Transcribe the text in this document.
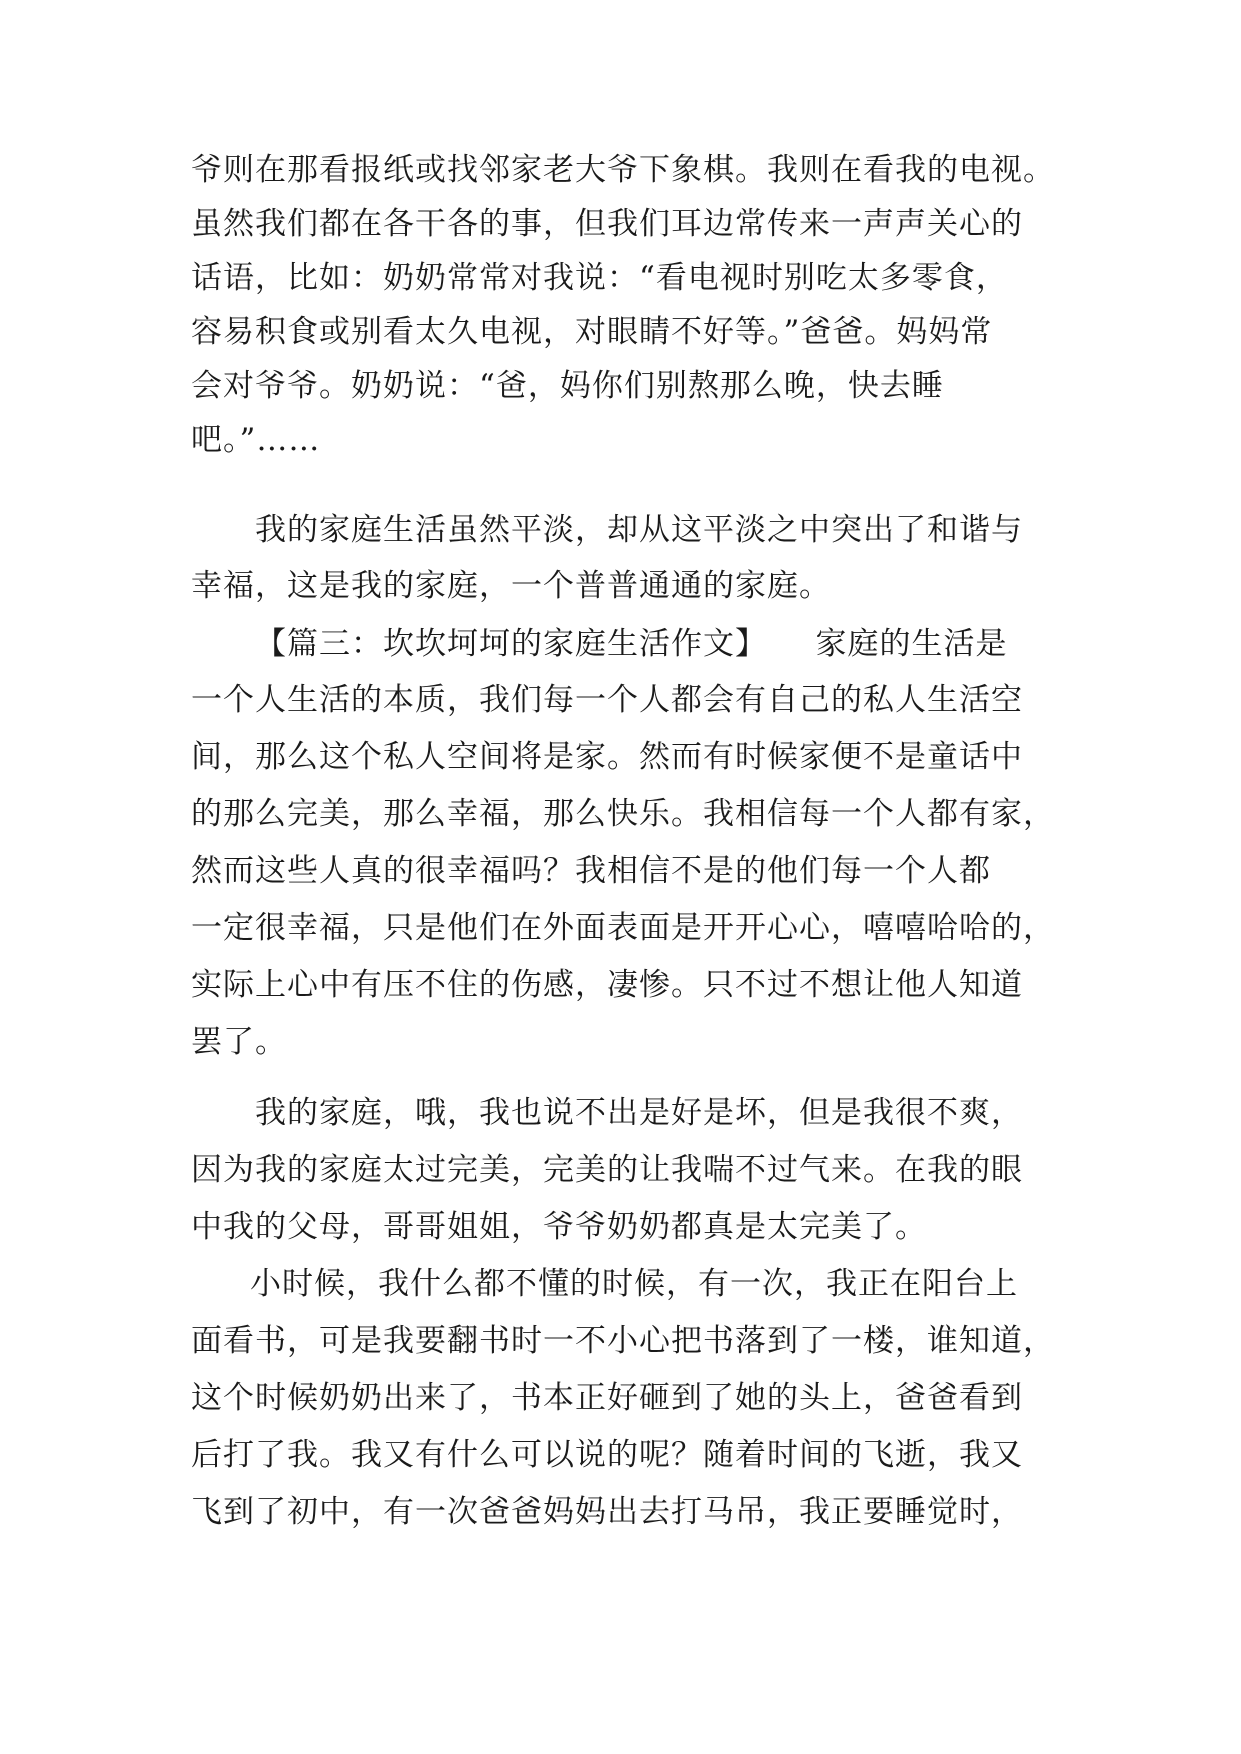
爷则在那看报纸或找邻家老大爷下象棋。我则在看我的电视。
虽然我们都在各干各的事，但我们耳边常传来一声声关心的
话语，比如：奶奶常常对我说：“看电视时别吃太多零食，
容易积食或别看太久电视，对眼睛不好等。”爸爸。妈妈常
会对爷爷。奶奶说：“爸，妈你们别熬那么晚，快去睡
吧。”……
我的家庭生活虽然平淡，却从这平淡之中突出了和谐与
幸福，这是我的家庭，一个普普通通的家庭。
【篇三：坎坎坷坷的家庭生活作文】　　家庭的生活是
一个人生活的本质，我们每一个人都会有自己的私人生活空
间，那么这个私人空间将是家。然而有时候家便不是童话中
的那么完美，那么幸福，那么快乐。我相信每一个人都有家，
然而这些人真的很幸福吗？我相信不是的他们每一个人都
一定很幸福，只是他们在外面表面是开开心心，嘻嘻哈哈的，
实际上心中有压不住的伤感，凄惨。只不过不想让他人知道
罢了。
我的家庭，哦，我也说不出是好是坏，但是我很不爽，
因为我的家庭太过完美，完美的让我喘不过气来。在我的眼
中我的父母，哥哥姐姐，爷爷奶奶都真是太完美了。
小时候，我什么都不懂的时候，有一次，我正在阳台上
面看书，可是我要翻书时一不小心把书落到了一楼，谁知道，
这个时候奶奶出来了，书本正好砸到了她的头上，爸爸看到
后打了我。我又有什么可以说的呢？随着时间的飞逝，我又
飞到了初中，有一次爸爸妈妈出去打马吊，我正要睡觉时，
